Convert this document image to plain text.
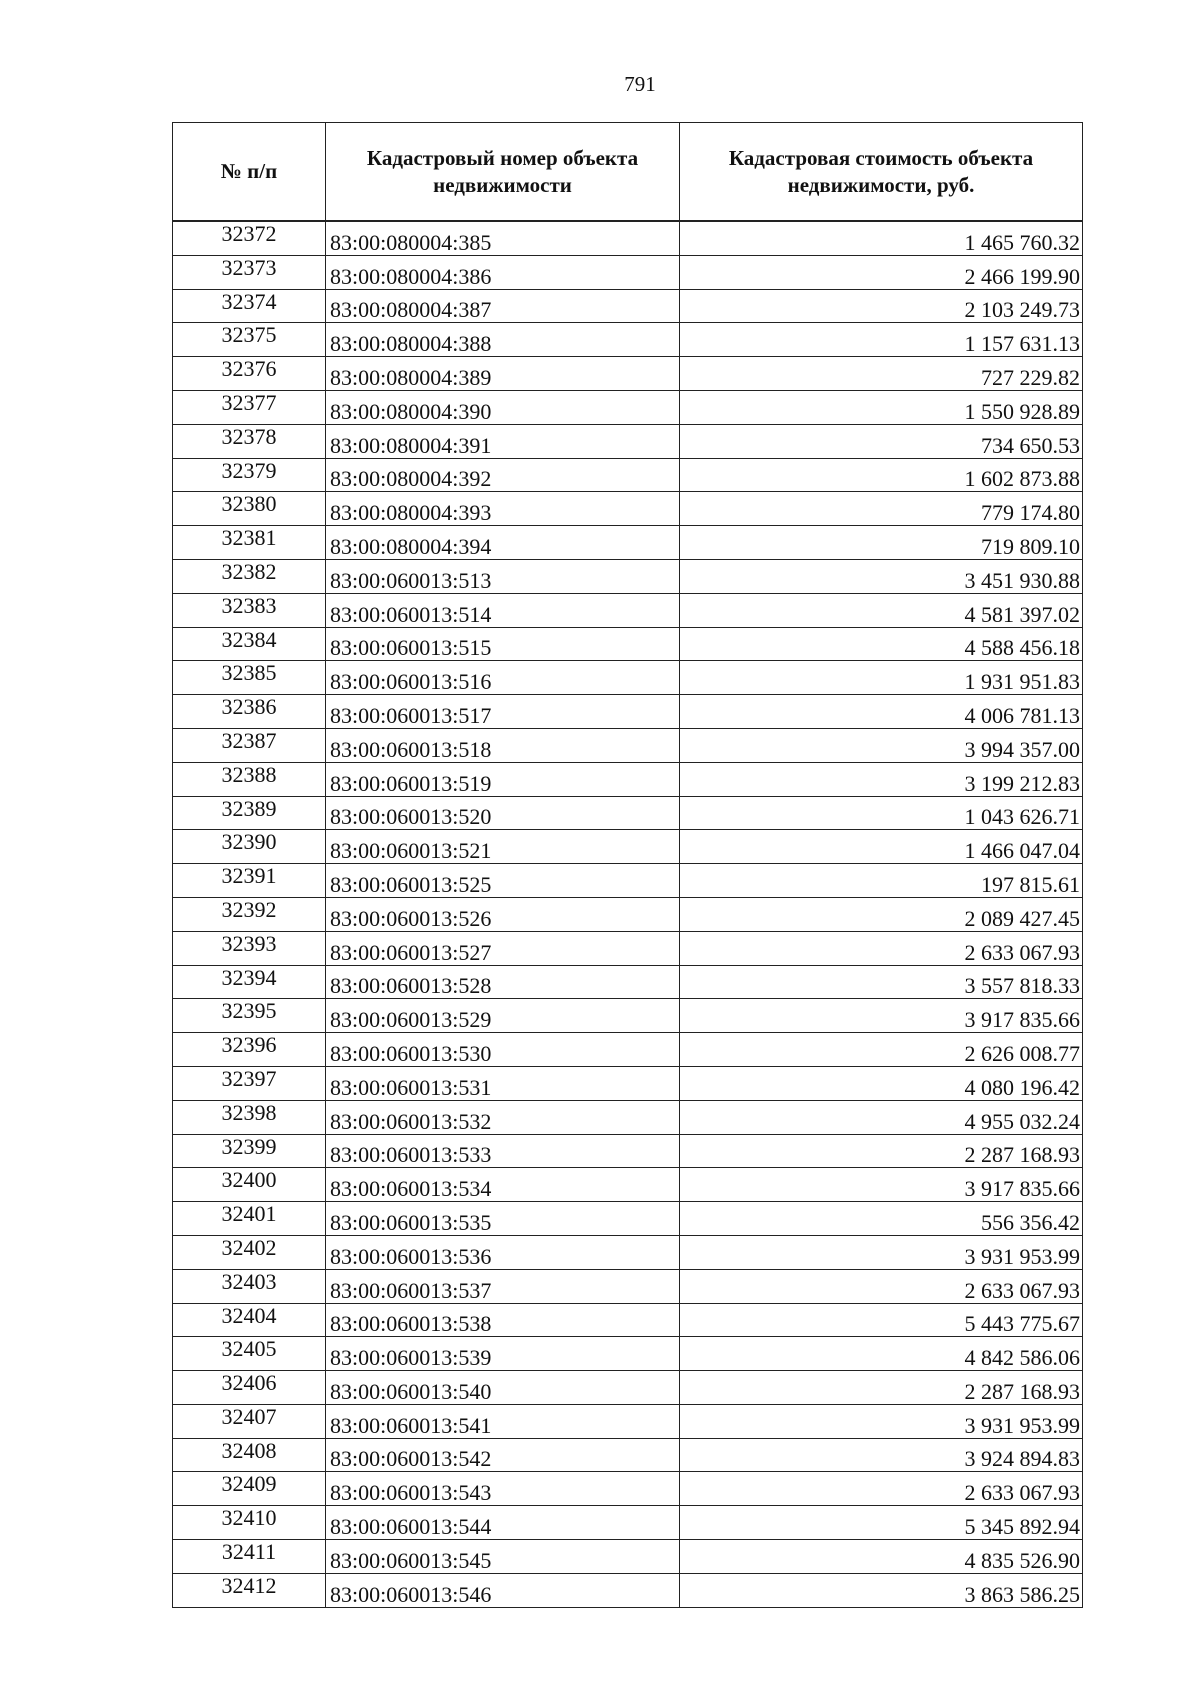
791
№ п/п	Кадастровый номер объекта недвижимости	Кадастровая стоимость объекта недвижимости, руб.
32372	83:00:080004:385	1 465 760.32
32373	83:00:080004:386	2 466 199.90
32374	83:00:080004:387	2 103 249.73
32375	83:00:080004:388	1 157 631.13
32376	83:00:080004:389	727 229.82
32377	83:00:080004:390	1 550 928.89
32378	83:00:080004:391	734 650.53
32379	83:00:080004:392	1 602 873.88
32380	83:00:080004:393	779 174.80
32381	83:00:080004:394	719 809.10
32382	83:00:060013:513	3 451 930.88
32383	83:00:060013:514	4 581 397.02
32384	83:00:060013:515	4 588 456.18
32385	83:00:060013:516	1 931 951.83
32386	83:00:060013:517	4 006 781.13
32387	83:00:060013:518	3 994 357.00
32388	83:00:060013:519	3 199 212.83
32389	83:00:060013:520	1 043 626.71
32390	83:00:060013:521	1 466 047.04
32391	83:00:060013:525	197 815.61
32392	83:00:060013:526	2 089 427.45
32393	83:00:060013:527	2 633 067.93
32394	83:00:060013:528	3 557 818.33
32395	83:00:060013:529	3 917 835.66
32396	83:00:060013:530	2 626 008.77
32397	83:00:060013:531	4 080 196.42
32398	83:00:060013:532	4 955 032.24
32399	83:00:060013:533	2 287 168.93
32400	83:00:060013:534	3 917 835.66
32401	83:00:060013:535	556 356.42
32402	83:00:060013:536	3 931 953.99
32403	83:00:060013:537	2 633 067.93
32404	83:00:060013:538	5 443 775.67
32405	83:00:060013:539	4 842 586.06
32406	83:00:060013:540	2 287 168.93
32407	83:00:060013:541	3 931 953.99
32408	83:00:060013:542	3 924 894.83
32409	83:00:060013:543	2 633 067.93
32410	83:00:060013:544	5 345 892.94
32411	83:00:060013:545	4 835 526.90
32412	83:00:060013:546	3 863 586.25
